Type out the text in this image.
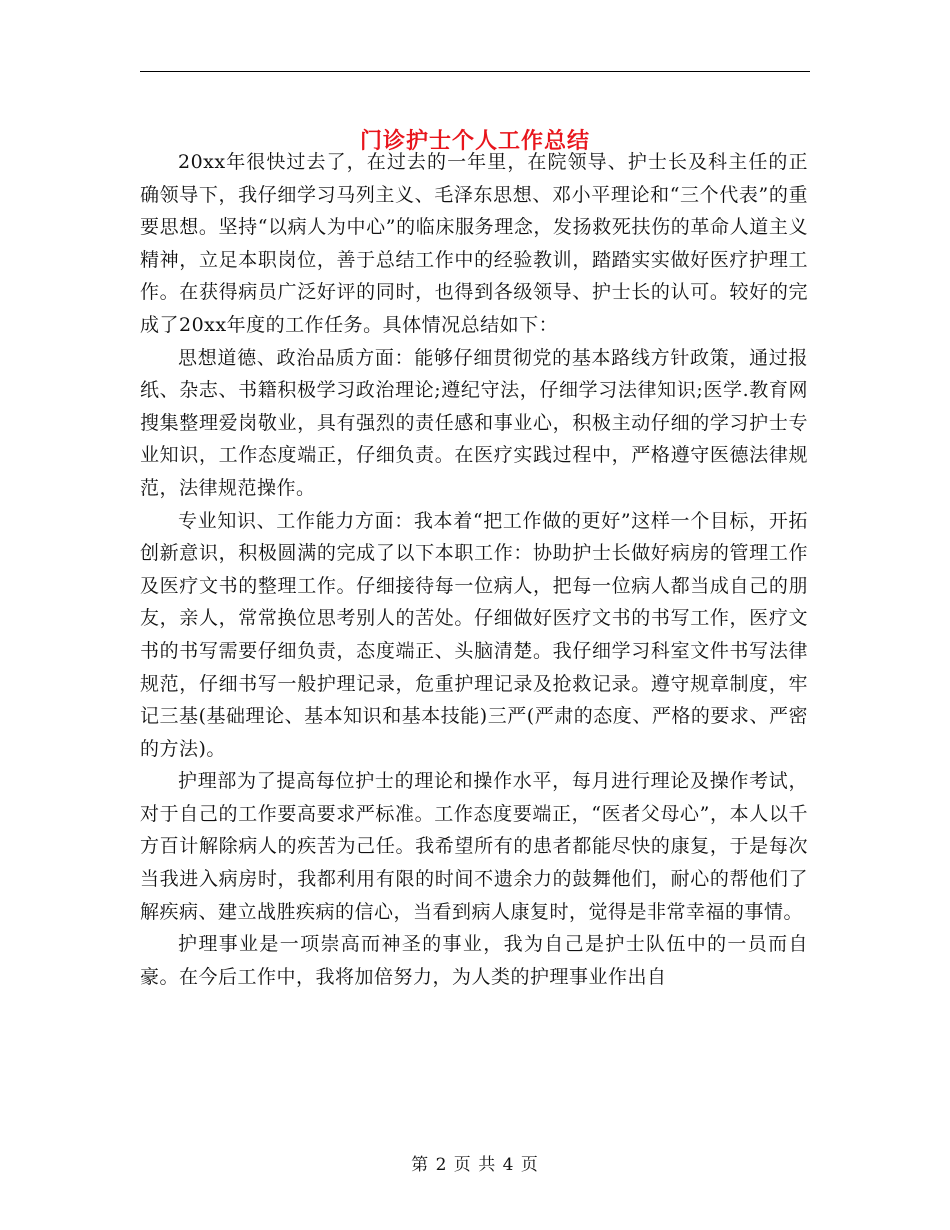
门诊护士个人工作总结

20xx年很快过去了，在过去的一年里，在院领导、护士长及科主任的正确领导下，我仔细学习马列主义、毛泽东思想、邓小平理论和“三个代表”的重要思想。坚持“以病人为中心”的临床服务理念，发扬救死扶伤的革命人道主义精神，立足本职岗位，善于总结工作中的经验教训，踏踏实实做好医疗护理工作。在获得病员广泛好评的同时，也得到各级领导、护士长的认可。较好的完成了20xx年度的工作任务。具体情况总结如下：

思想道德、政治品质方面：能够仔细贯彻党的基本路线方针政策，通过报纸、杂志、书籍积极学习政治理论;遵纪守法，仔细学习法律知识;医学.教育网搜集整理爱岗敬业，具有强烈的责任感和事业心，积极主动仔细的学习护士专业知识，工作态度端正，仔细负责。在医疗实践过程中，严格遵守医德法律规范，法律规范操作。

专业知识、工作能力方面：我本着“把工作做的更好”这样一个目标，开拓创新意识，积极圆满的完成了以下本职工作：协助护士长做好病房的管理工作及医疗文书的整理工作。仔细接待每一位病人，把每一位病人都当成自己的朋友，亲人，常常换位思考别人的苦处。仔细做好医疗文书的书写工作，医疗文书的书写需要仔细负责，态度端正、头脑清楚。我仔细学习科室文件书写法律规范，仔细书写一般护理记录，危重护理记录及抢救记录。遵守规章制度，牢记三基(基础理论、基本知识和基本技能)三严(严肃的态度、严格的要求、严密的方法)。

护理部为了提高每位护士的理论和操作水平，每月进行理论及操作考试，对于自己的工作要高要求严标准。工作态度要端正，“医者父母心”，本人以千方百计解除病人的疾苦为己任。我希望所有的患者都能尽快的康复，于是每次当我进入病房时，我都利用有限的时间不遗余力的鼓舞他们，耐心的帮他们了解疾病、建立战胜疾病的信心，当看到病人康复时，觉得是非常幸福的事情。

护理事业是一项崇高而神圣的事业，我为自己是护士队伍中的一员而自豪。在今后工作中，我将加倍努力，为人类的护理事业作出自

第 2 页 共 4 页
